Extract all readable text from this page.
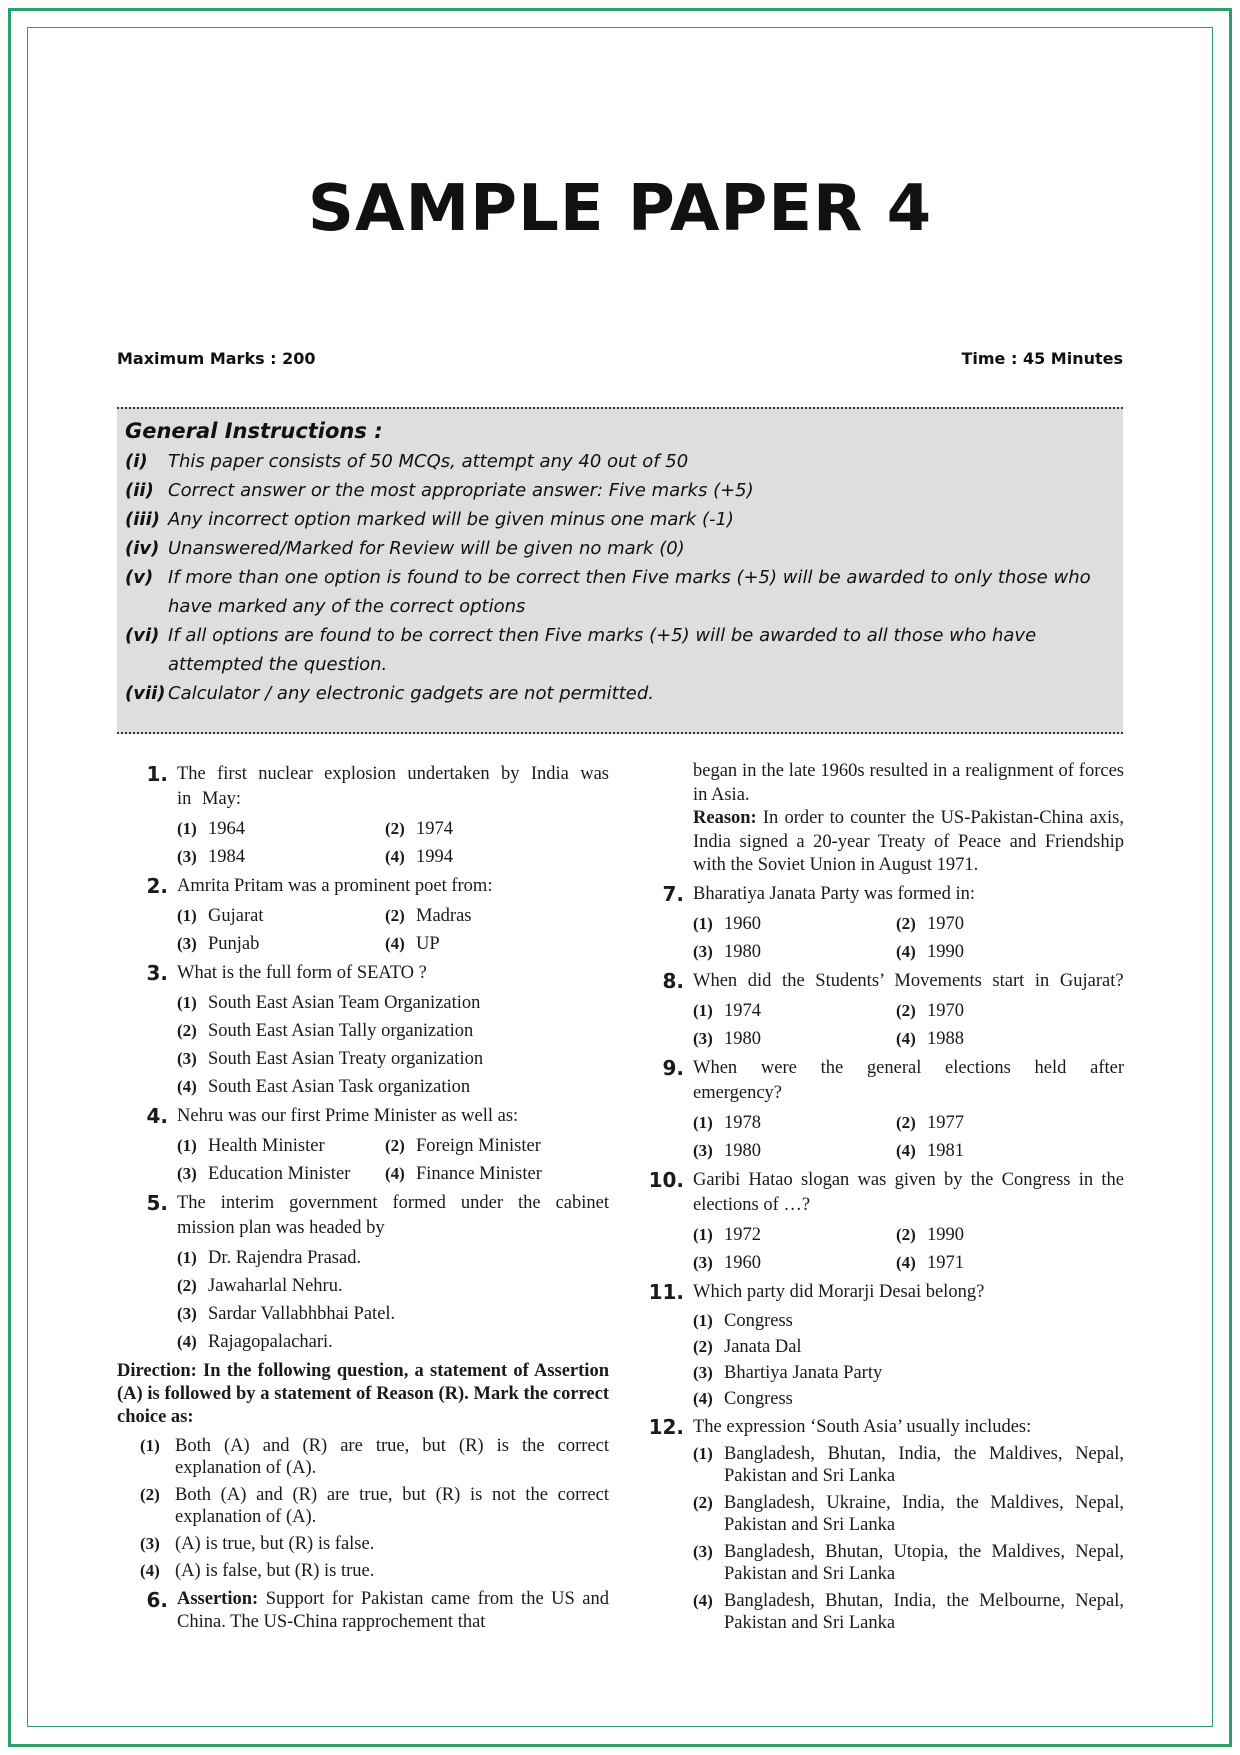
SAMPLE PAPER 4
Maximum Marks : 200	Time : 45 Minutes
General Instructions :
(i)	This paper consists of 50 MCQs, attempt any 40 out of 50
(ii) Correct answer or the most appropriate answer: Five marks (+5)
(iii) Any incorrect option marked will be given minus one mark (-1)
(iv) Unanswered/Marked for Review will be given no mark (0)
(v) If more than one option is found to be correct then Five marks (+5) will be awarded to only those who have marked any of the correct options
(vi) If all options are found to be correct then Five marks (+5) will be awarded to all those who have attempted the question.
(vii) Calculator / any electronic gadgets are not permitted.
1. The first nuclear explosion undertaken by India was in May:
(1) 1964	(2) 1974
(3) 1984	(4) 1994
2. Amrita Pritam was a prominent poet from:
(1) Gujarat	(2) Madras
(3) Punjab	(4) UP
3. What is the full form of SEATO ?
(1) South East Asian Team Organization
(2) South East Asian Tally organization
(3) South East Asian Treaty organization
(4) South East Asian Task organization
4. Nehru was our first Prime Minister as well as:
(1) Health Minister	(2) Foreign Minister
(3) Education Minister	(4) Finance Minister
5. The interim government formed under the cabinet mission plan was headed by
(1) Dr. Rajendra Prasad.
(2) Jawaharlal Nehru.
(3) Sardar Vallabhbhai Patel.
(4) Rajagopalachari.
Direction: In the following question, a statement of Assertion (A) is followed by a statement of Reason (R). Mark the correct choice as:
(1) Both (A) and (R) are true, but (R) is the correct explanation of (A).
(2) Both (A) and (R) are true, but (R) is not the correct explanation of (A).
(3) (A) is true, but (R) is false.
(4) (A) is false, but (R) is true.
6. Assertion: Support for Pakistan came from the US and China. The US-China rapprochement that
began in the late 1960s resulted in a realignment of forces in Asia.
Reason: In order to counter the US-Pakistan-China axis, India signed a 20-year Treaty of Peace and Friendship with the Soviet Union in August 1971.
7. Bharatiya Janata Party was formed in:
(1) 1960	(2) 1970
(3) 1980	(4) 1990
8. When did the Students’ Movements start in Gujarat?
(1) 1974	(2) 1970
(3) 1980	(4) 1988
9. When were the general elections held after emergency?
(1) 1978	(2) 1977
(3) 1980	(4) 1981
10. Garibi Hatao slogan was given by the Congress in the elections of …?
(1) 1972	(2) 1990
(3) 1960	(4) 1971
11. Which party did Morarji Desai belong?
(1) Congress
(2) Janata Dal
(3) Bhartiya Janata Party
(4) Congress
12. The expression ‘South Asia’ usually includes:
(1) Bangladesh, Bhutan, India, the Maldives, Nepal, Pakistan and Sri Lanka
(2) Bangladesh, Ukraine, India, the Maldives, Nepal, Pakistan and Sri Lanka
(3) Bangladesh, Bhutan, Utopia, the Maldives, Nepal, Pakistan and Sri Lanka
(4) Bangladesh, Bhutan, India, the Melbourne, Nepal, Pakistan and Sri Lanka
